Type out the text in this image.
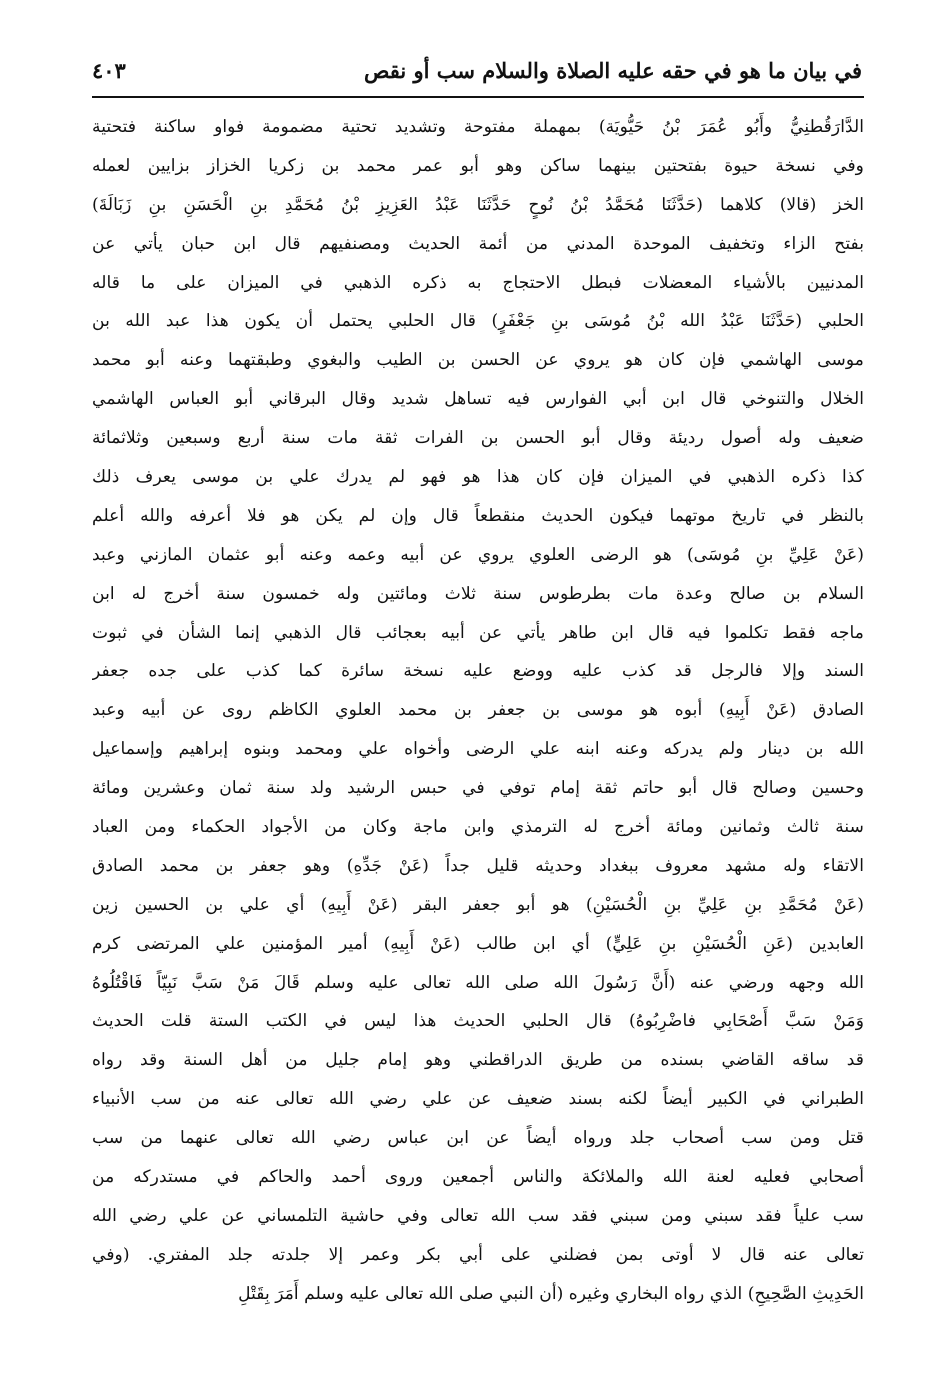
في بيان ما هو في حقه عليه الصلاة والسلام سب أو نقص
٤٠٣
الدَّارَقُطنِيُّ وأَبُو عُمَرَ بْنُ حَيُّويَة) بمهملة مفتوحة وتشديد تحتية مضمومة فواو ساكنة فتحتية
وفي نسخة حيوة بفتحتين بينهما ساكن وهو أبو عمر محمد بن زكريا الخزاز بزايين لعمله
الخز (قالا) كلاهما (حَدَّثَنَا مُحَمَّدُ بْنُ نُوحٍ حَدَّثَنَا عَبْدُ العَزِيزِ بْنُ مُحَمَّدِ بنِ الْحَسَنِ بنِ زَبَالَةَ)
بفتح الزاء وتخفيف الموحدة المدني من أئمة الحديث ومصنفيهم قال ابن حبان يأتي عن
المدنيين بالأشياء المعضلات فبطل الاحتجاج به ذكره الذهبي في الميزان على ما قاله
الحلبي (حَدَّثَنَا عَبْدُ الله بْنُ مُوسَى بنِ جَعْفَرٍ) قال الحلبي يحتمل أن يكون هذا عبد الله بن
موسى الهاشمي فإن كان هو يروي عن الحسن بن الطيب والبغوي وطبقتهما وعنه أبو محمد
الخلال والتنوخي قال ابن أبي الفوارس فيه تساهل شديد وقال البرقاني أبو العباس الهاشمي
ضعيف وله أصول رديئة وقال أبو الحسن بن الفرات ثقة مات سنة أربع وسبعين وثلاثمائة
كذا ذكره الذهبي في الميزان فإن كان هذا هو فهو لم يدرك علي بن موسى يعرف ذلك
بالنظر في تاريخ موتهما فيكون الحديث منقطعاً قال وإن لم يكن هو فلا أعرفه والله أعلم
(عَنْ عَلِيِّ بنِ مُوسَى) هو الرضى العلوي يروي عن أبيه وعمه وعنه أبو عثمان المازني وعبد
السلام بن صالح وعدة مات بطرطوس سنة ثلاث ومائتين وله خمسون سنة أخرج له ابن
ماجه فقط تكلموا فيه قال ابن طاهر يأتي عن أبيه بعجائب قال الذهبي إنما الشأن في ثبوت
السند وإلا فالرجل قد كذب عليه ووضع عليه نسخة سائرة كما كذب على جده جعفر
الصادق (عَنْ أَبِيهِ) أبوه هو موسى بن جعفر بن محمد العلوي الكاظم روى عن أبيه وعبد
الله بن دينار ولم يدركه وعنه ابنه علي الرضى وأخواه علي ومحمد وبنوه إبراهيم وإسماعيل
وحسين وصالح قال أبو حاتم ثقة إمام توفي في حبس الرشيد ولد سنة ثمان وعشرين ومائة
سنة ثالث وثمانين ومائة أخرج له الترمذي وابن ماجة وكان من الأجواد الحكماء ومن العباد
الاتقاء وله مشهد معروف ببغداد وحديثه قليل جداً (عَنْ جَدِّهِ) وهو جعفر بن محمد الصادق
(عَنْ مُحَمَّدِ بنِ عَلِيِّ بنِ الْحُسَيْنِ) هو أبو جعفر البقر (عَنْ أَبِيهِ) أي علي بن الحسين زين
العابدين (عَنِ الْحُسَيْنِ بنِ عَلِيٍّ) أي ابن طالب (عَنْ أَبِيهِ) أمير المؤمنين علي المرتضى كرم
الله وجهه ورضي عنه (أَنَّ رَسُولَ الله صلى الله تعالى عليه وسلم قَالَ مَنْ سَبَّ نَبِيّاً فَاقْتُلُوهُ
وَمَنْ سَبَّ أَصْحَابِي فاضْرِبُوهُ) قال الحلبي الحديث هذا ليس في الكتب الستة قلت الحديث
قد ساقه القاضي بسنده من طريق الدراقطني وهو إمام جليل من أهل السنة وقد رواه
الطبراني في الكبير أيضاً لكنه بسند ضعيف عن علي رضي الله تعالى عنه من سب الأنبياء
قتل ومن سب أصحاب جلد ورواه أيضاً عن ابن عباس رضي الله تعالى عنهما من سب
أصحابي فعليه لعنة الله والملائكة والناس أجمعين وروى أحمد والحاكم في مستدركه من
سب علياً فقد سبني ومن سبني فقد سب الله تعالى وفي حاشية التلمساني عن علي رضي الله
تعالى عنه قال لا أوتى بمن فضلني على أبي بكر وعمر إلا جلدته جلد المفتري. (وفي
الحَدِيثِ الصَّحِيحِ) الذي رواه البخاري وغيره (أن النبي صلى الله تعالى عليه وسلم أَمَرَ بِقَتْلِ
